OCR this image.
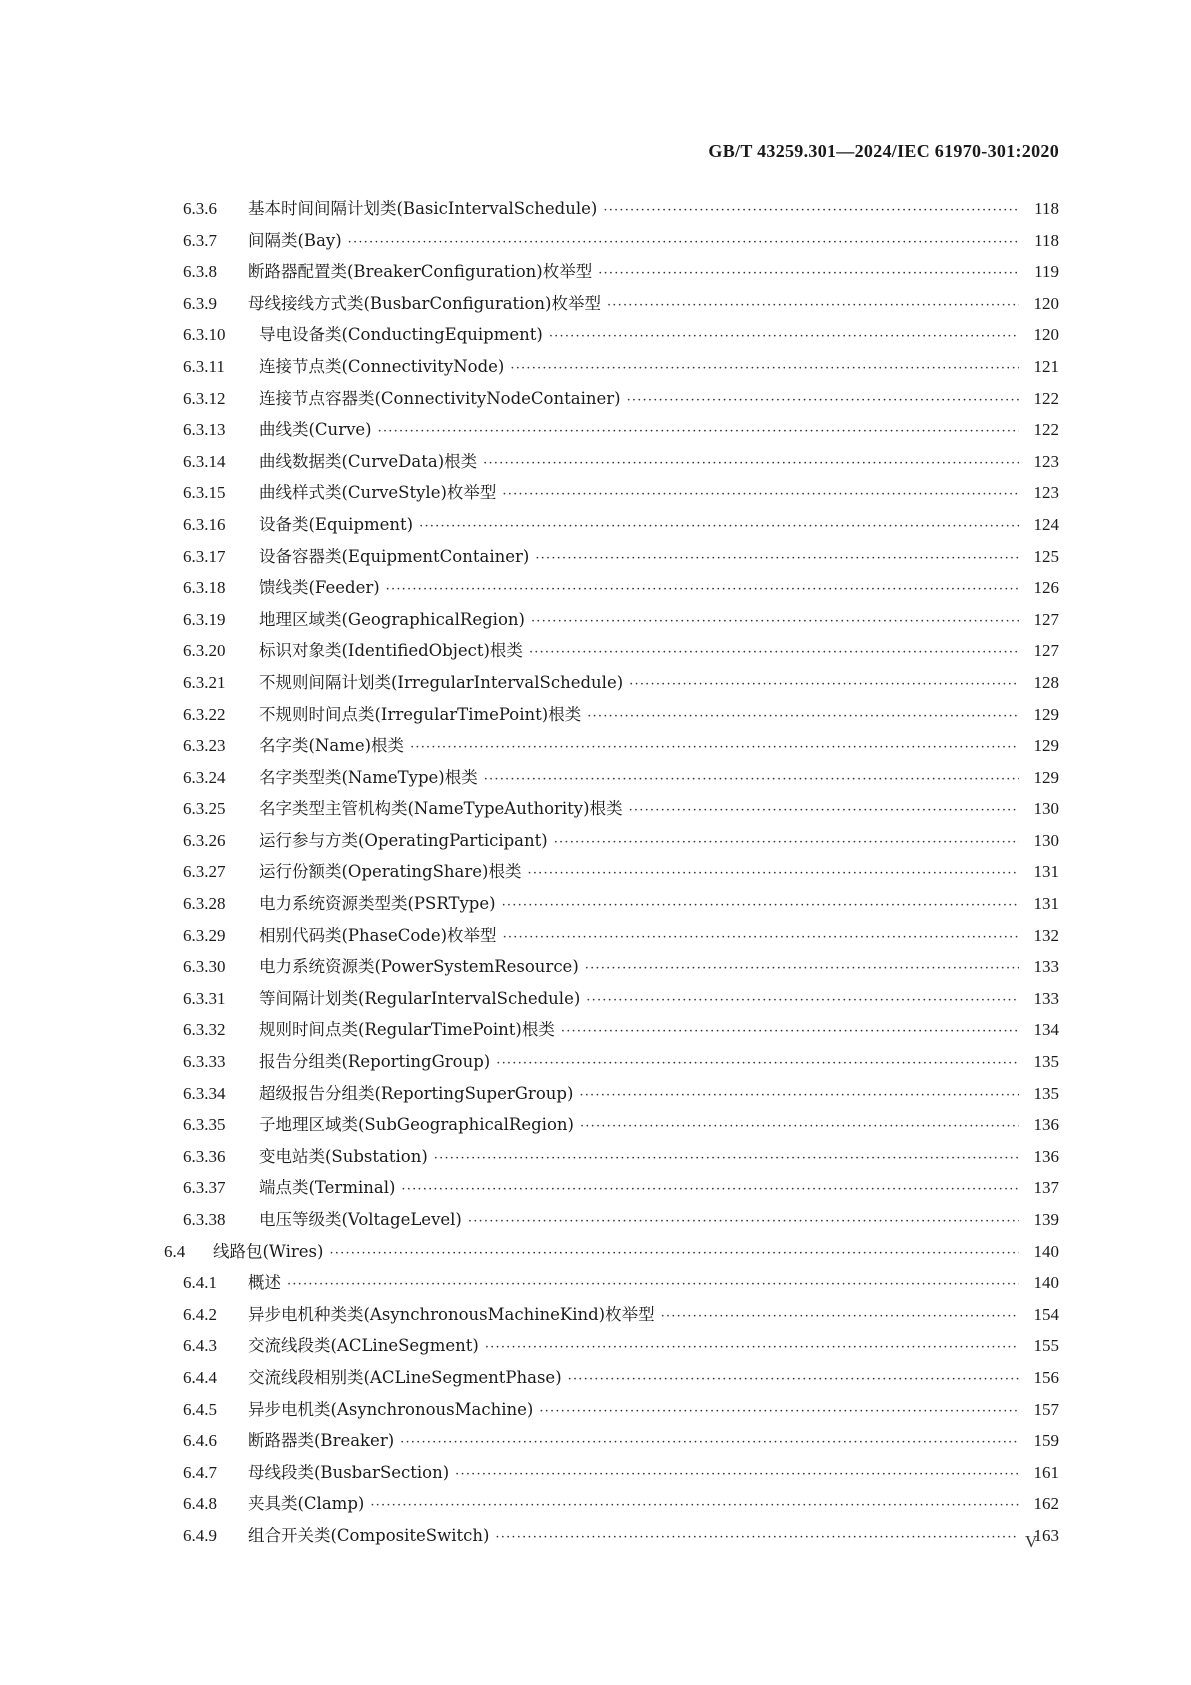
GB/T 43259.301—2024/IEC 61970-301:2020
6.3.6	基本时间间隔计划类(BasicIntervalSchedule) ·····	118
6.3.7	间隔类(Bay) ·····	118
6.3.8	断路器配置类(BreakerConfiguration)枚举型 ·····	119
6.3.9	母线接线方式类(BusbarConfiguration)枚举型 ·····	120
6.3.10	导电设备类(ConductingEquipment) ·····	120
6.3.11	连接节点类(ConnectivityNode) ·····	121
6.3.12	连接节点容器类(ConnectivityNodeContainer) ·····	122
6.3.13	曲线类(Curve) ·····	122
6.3.14	曲线数据类(CurveData)根类 ·····	123
6.3.15	曲线样式类(CurveStyle)枚举型 ·····	123
6.3.16	设备类(Equipment) ·····	124
6.3.17	设备容器类(EquipmentContainer) ·····	125
6.3.18	馈线类(Feeder) ·····	126
6.3.19	地理区域类(GeographicalRegion) ·····	127
6.3.20	标识对象类(IdentifiedObject)根类 ·····	127
6.3.21	不规则间隔计划类(IrregularIntervalSchedule) ·····	128
6.3.22	不规则时间点类(IrregularTimePoint)根类 ·····	129
6.3.23	名字类(Name)根类 ·····	129
6.3.24	名字类型类(NameType)根类 ·····	129
6.3.25	名字类型主管机构类(NameTypeAuthority)根类 ·····	130
6.3.26	运行参与方类(OperatingParticipant) ·····	130
6.3.27	运行份额类(OperatingShare)根类 ·····	131
6.3.28	电力系统资源类型类(PSRType) ·····	131
6.3.29	相别代码类(PhaseCode)枚举型 ·····	132
6.3.30	电力系统资源类(PowerSystemResource) ·····	133
6.3.31	等间隔计划类(RegularIntervalSchedule) ·····	133
6.3.32	规则时间点类(RegularTimePoint)根类 ·····	134
6.3.33	报告分组类(ReportingGroup) ·····	135
6.3.34	超级报告分组类(ReportingSuperGroup) ·····	135
6.3.35	子地理区域类(SubGeographicalRegion) ·····	136
6.3.36	变电站类(Substation) ·····	136
6.3.37	端点类(Terminal) ·····	137
6.3.38	电压等级类(VoltageLevel) ·····	139
6.4	线路包(Wires) ·····	140
6.4.1	概述 ·····	140
6.4.2	异步电机种类类(AsynchronousMachineKind)枚举型 ·····	154
6.4.3	交流线段类(ACLineSegment) ·····	155
6.4.4	交流线段相别类(ACLineSegmentPhase) ·····	156
6.4.5	异步电机类(AsynchronousMachine) ·····	157
6.4.6	断路器类(Breaker) ·····	159
6.4.7	母线段类(BusbarSection) ·····	161
6.4.8	夹具类(Clamp) ·····	162
6.4.9	组合开关类(CompositeSwitch) ·····	163
V
